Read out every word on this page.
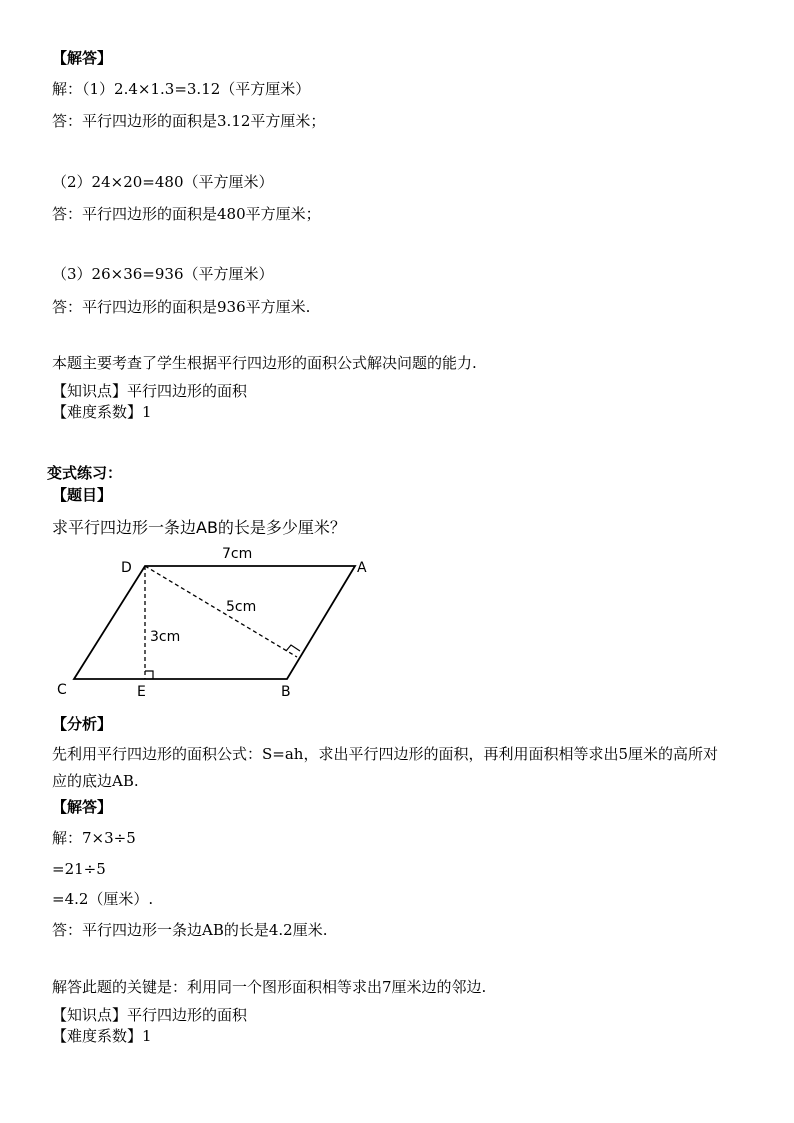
【解答】
解：（1）2.4×1.3=3.12（平方厘米）
答：平行四边形的面积是3.12平方厘米；
（2）24×20=480（平方厘米）
答：平行四边形的面积是480平方厘米；
（3）26×36=936（平方厘米）
答：平行四边形的面积是936平方厘米.
本题主要考查了学生根据平行四边形的面积公式解决问题的能力.
【知识点】平行四边形的面积
【难度系数】1
变式练习：
【题目】
求平行四边形一条边AB的长是多少厘米？
D	A
C	E	B
7cm
5cm
3cm
【分析】
先利用平行四边形的面积公式：S=ah，求出平行四边形的面积，再利用面积相等求出5厘米的高所对
应的底边AB.
【解答】
解：7×3÷5
=21÷5
=4.2（厘米）.
答：平行四边形一条边AB的长是4.2厘米.
解答此题的关键是：利用同一个图形面积相等求出7厘米边的邻边.
【知识点】平行四边形的面积
【难度系数】1
